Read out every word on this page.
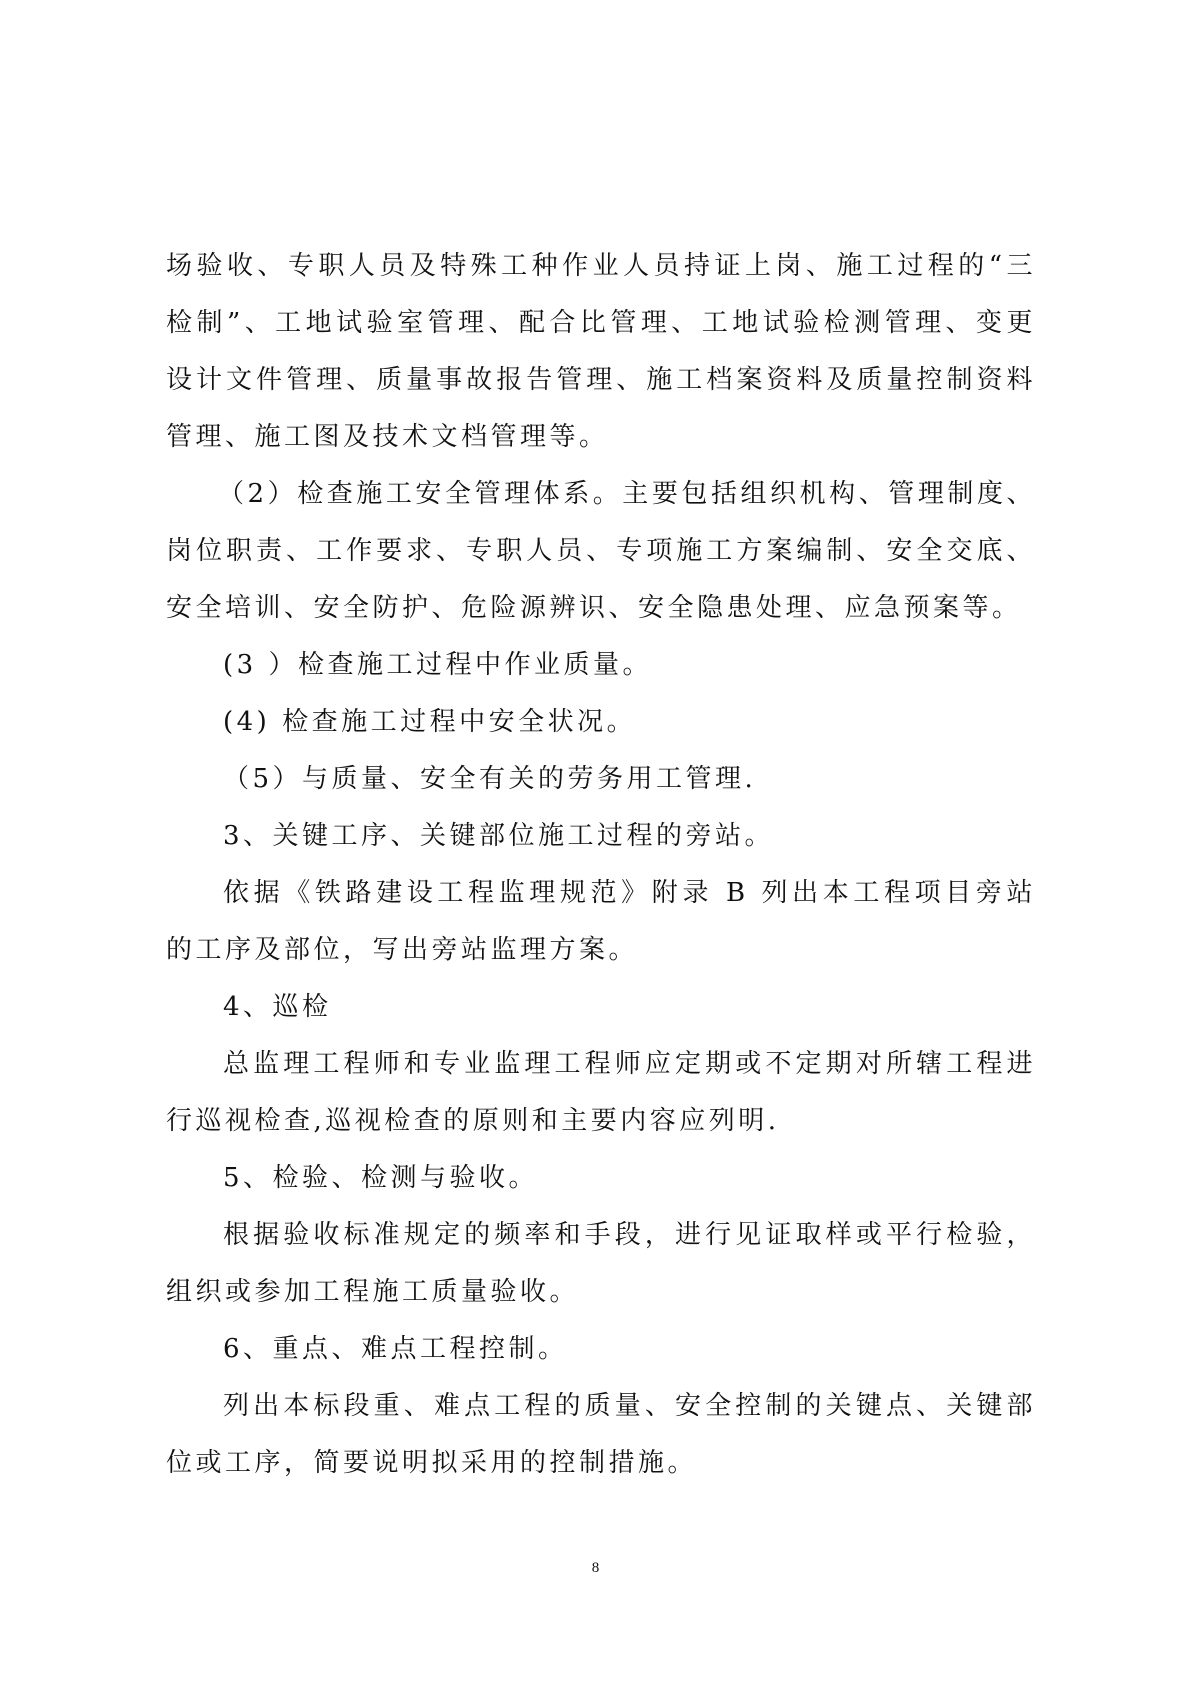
场验收、专职人员及特殊工种作业人员持证上岗、施工过程的“三检制”、工地试验室管理、配合比管理、工地试验检测管理、变更设计文件管理、质量事故报告管理、施工档案资料及质量控制资料管理、施工图及技术文档管理等。

（2）检查施工安全管理体系。主要包括组织机构、管理制度、岗位职责、工作要求、专职人员、专项施工方案编制、安全交底、安全培训、安全防护、危险源辨识、安全隐患处理、应急预案等。

(3 ）检查施工过程中作业质量。

(4) 检查施工过程中安全状况。

（5）与质量、安全有关的劳务用工管理.

3、关键工序、关键部位施工过程的旁站。

依据《铁路建设工程监理规范》附录 B 列出本工程项目旁站的工序及部位，写出旁站监理方案。

4、巡检

总监理工程师和专业监理工程师应定期或不定期对所辖工程进行巡视检查,巡视检查的原则和主要内容应列明.

5、检验、检测与验收。

根据验收标准规定的频率和手段，进行见证取样或平行检验，组织或参加工程施工质量验收。

6、重点、难点工程控制。

列出本标段重、难点工程的质量、安全控制的关键点、关键部位或工序，简要说明拟采用的控制措施。

8
